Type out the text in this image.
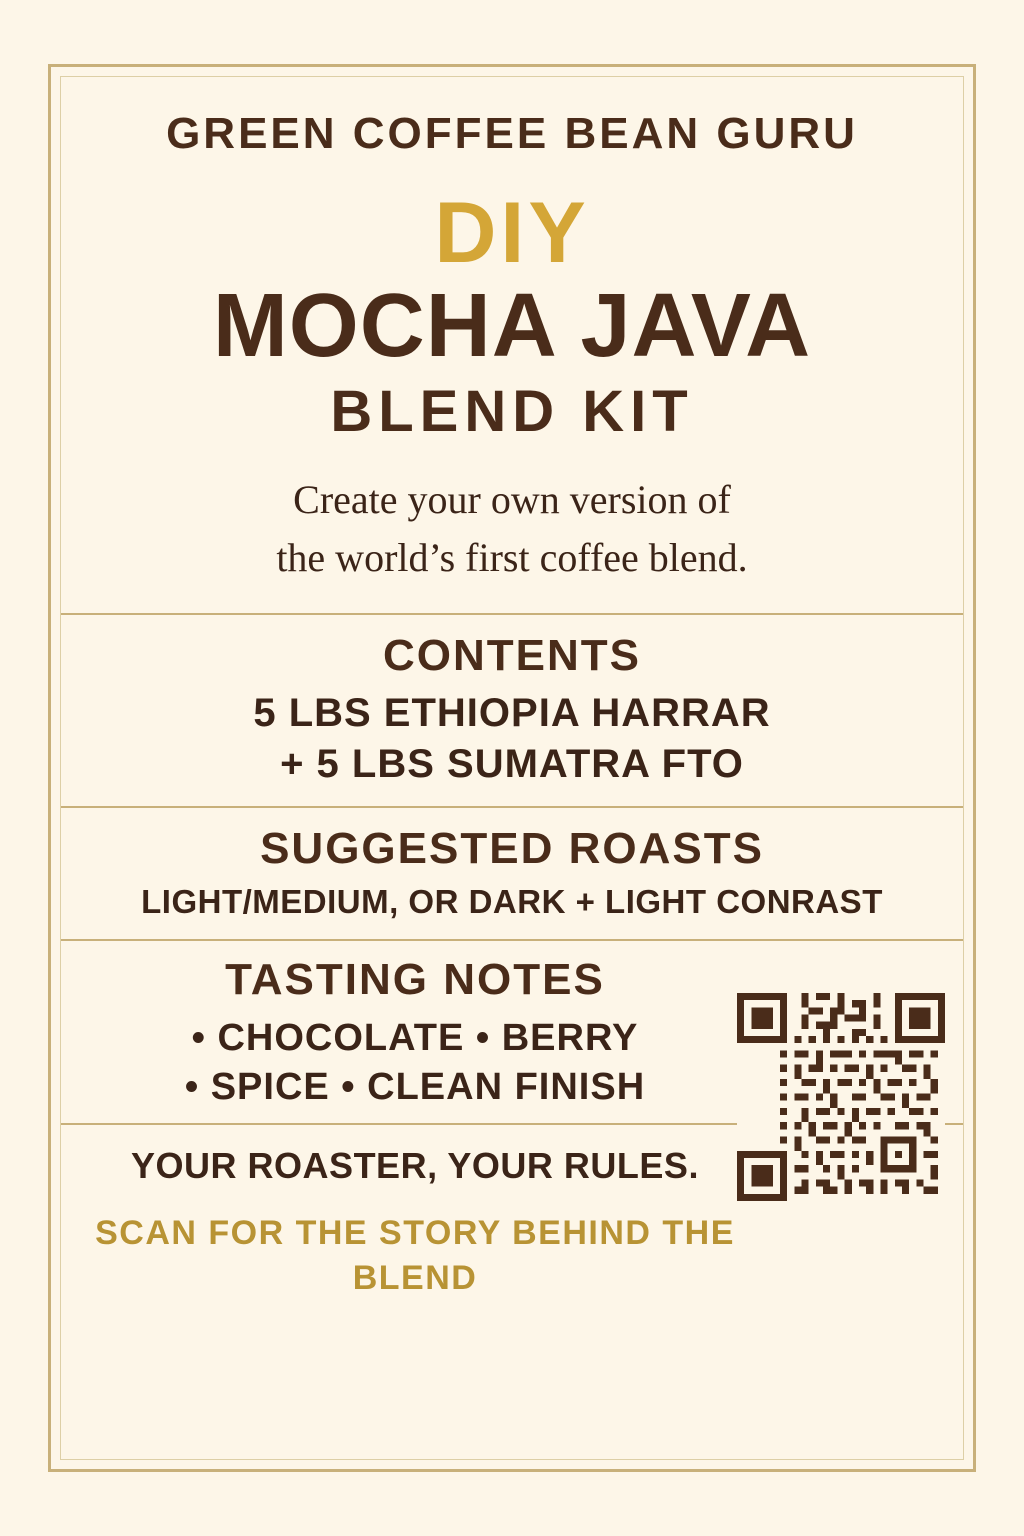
GREEN COFFEE BEAN GURU
DIY
MOCHA JAVA
BLEND KIT
Create your own version of
the world’s first coffee blend.
CONTENTS
5 LBS ETHIOPIA HARRAR
+ 5 LBS SUMATRA FTO
SUGGESTED ROASTS
LIGHT/MEDIUM, OR DARK + LIGHT CONRAST
TASTING NOTES
• CHOCOLATE • BERRY
• SPICE • CLEAN FINISH
YOUR ROASTER, YOUR RULES.
SCAN FOR THE STORY BEHIND THE BLEND
